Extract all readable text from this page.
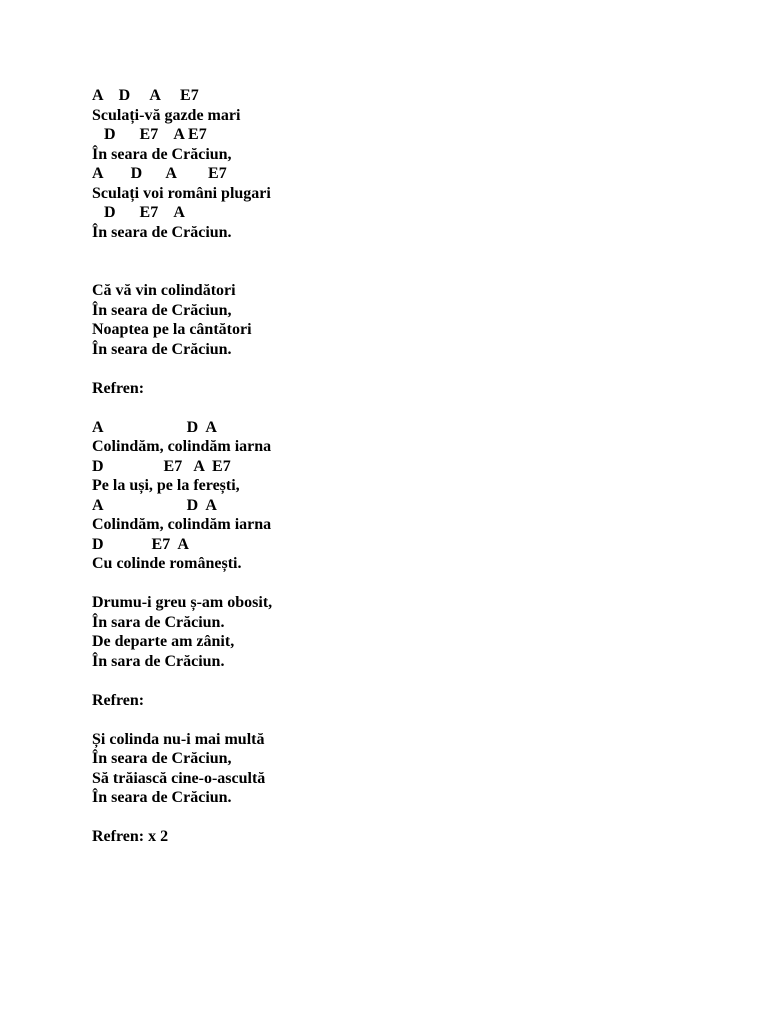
A    D     A     E7
Sculați-vă gazde mari
D      E7    A E7
În seara de Crăciun,
A       D      A        E7
Sculați voi români plugari
D      E7    A
În seara de Crăciun.
Că vă vin colindători
În seara de Crăciun,
Noaptea pe la cântători
În seara de Crăciun.
Refren:
A                     D  A
Colindăm, colindăm iarna
D               E7   A  E7
Pe la uși, pe la ferești,
A                     D  A
Colindăm, colindăm iarna
D            E7  A
Cu colinde românești.
Drumu-i greu ș-am obosit,
În sara de Crăciun.
De departe am zânit,
În sara de Crăciun.
Refren:
Și colinda nu-i mai multă
În seara de Crăciun,
Să trăiască cine-o-ascultă
În seara de Crăciun.
Refren: x 2
